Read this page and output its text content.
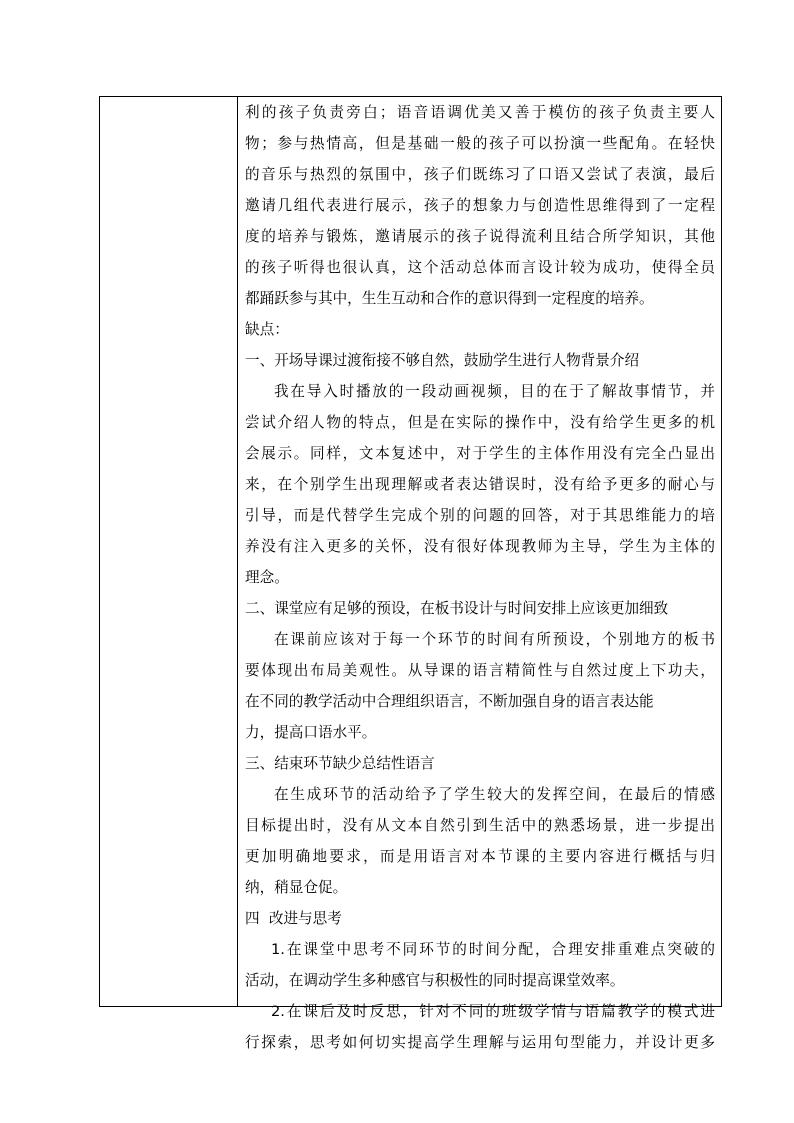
利的孩子负责旁白；语音语调优美又善于模仿的孩子负责主要人
物；参与热情高，但是基础一般的孩子可以扮演一些配角。在轻快
的音乐与热烈的氛围中，孩子们既练习了口语又尝试了表演，最后
邀请几组代表进行展示，孩子的想象力与创造性思维得到了一定程
度的培养与锻炼，邀请展示的孩子说得流利且结合所学知识，其他
的孩子听得也很认真，这个活动总体而言设计较为成功，使得全员
都踊跃参与其中，生生互动和合作的意识得到一定程度的培养。
缺点：
一、开场导课过渡衔接不够自然，鼓励学生进行人物背景介绍
我在导入时播放的一段动画视频，目的在于了解故事情节，并
尝试介绍人物的特点，但是在实际的操作中，没有给学生更多的机
会展示。同样，文本复述中，对于学生的主体作用没有完全凸显出
来，在个别学生出现理解或者表达错误时，没有给予更多的耐心与
引导，而是代替学生完成个别的问题的回答，对于其思维能力的培
养没有注入更多的关怀，没有很好体现教师为主导，学生为主体的
理念。
二、课堂应有足够的预设，在板书设计与时间安排上应该更加细致
在课前应该对于每一个环节的时间有所预设，个别地方的板书
要体现出布局美观性。从导课的语言精简性与自然过度上下功夫，
在不同的教学活动中合理组织语言，不断加强自身的语言表达能
力，提高口语水平。
三、结束环节缺少总结性语言
在生成环节的活动给予了学生较大的发挥空间，在最后的情感
目标提出时，没有从文本自然引到生活中的熟悉场景，进一步提出
更加明确地要求，而是用语言对本节课的主要内容进行概括与归
纳，稍显仓促。
四  改进与思考
1.在课堂中思考不同环节的时间分配，合理安排重难点突破的
活动，在调动学生多种感官与积极性的同时提高课堂效率。
2.在课后及时反思，针对不同的班级学情与语篇教学的模式进
行探索，思考如何切实提高学生理解与运用句型能力，并设计更多
